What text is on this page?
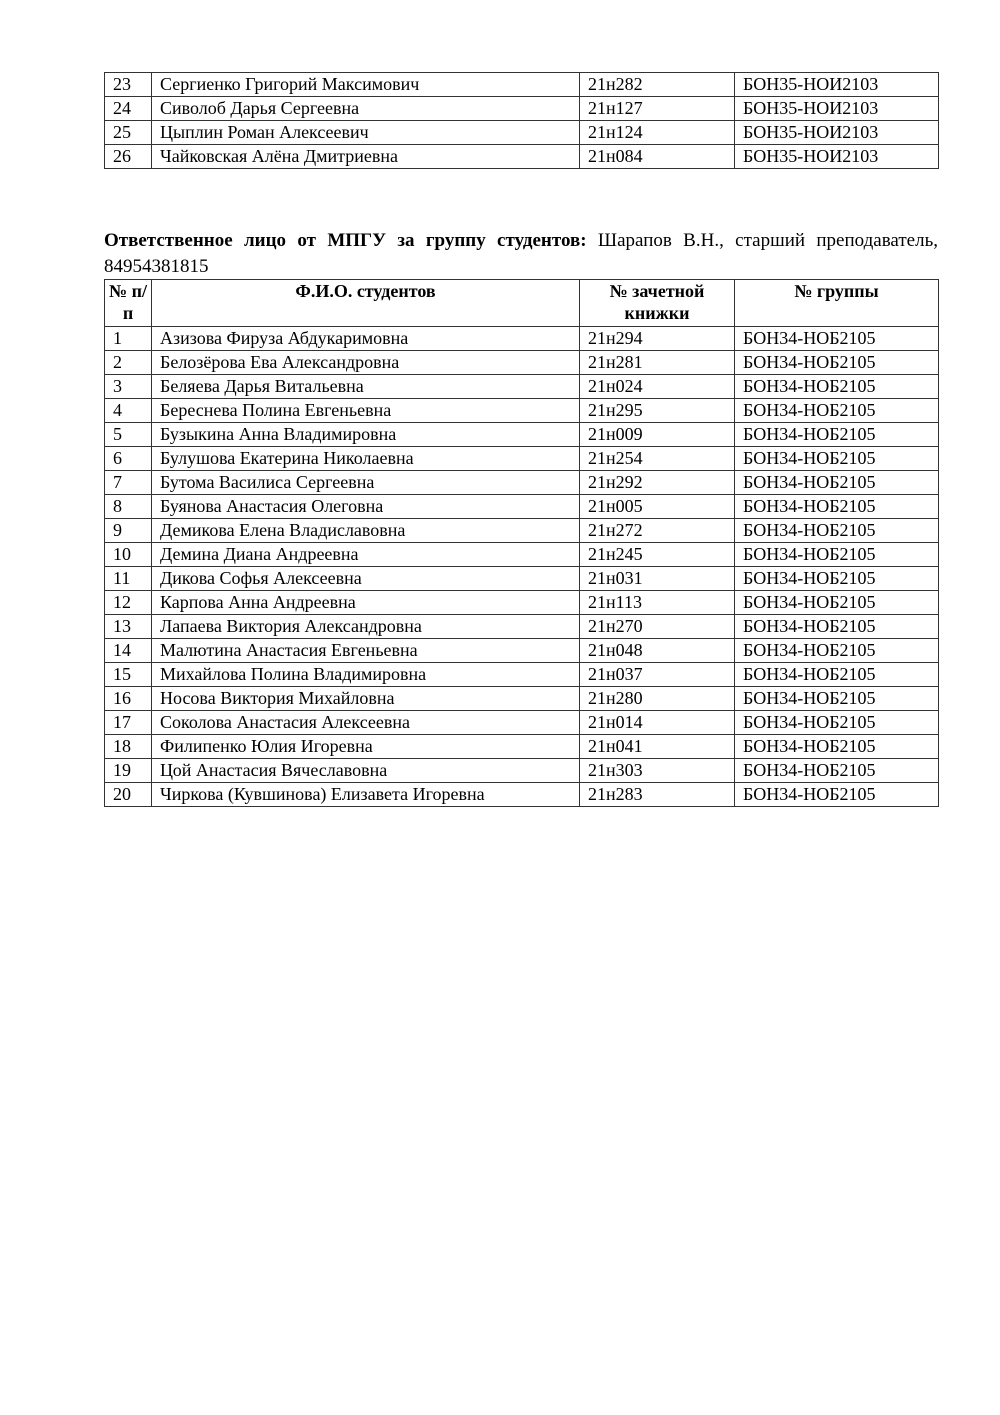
23	Сергиенко Григорий Максимович	21н282	БОН35-НОИ2103
24	Сиволоб Дарья Сергеевна	21н127	БОН35-НОИ2103
25	Цыплин Роман Алексеевич	21н124	БОН35-НОИ2103
26	Чайковская Алёна Дмитриевна	21н084	БОН35-НОИ2103
Ответственное лицо от МПГУ за группу студентов: Шарапов В.Н., старший преподаватель, 84954381815
№ п/п	Ф.И.О. студентов	№ зачетной книжки	№ группы
1	Азизова Фируза Абдукаримовна	21н294	БОН34-НОБ2105
2	Белозёрова Ева Александровна	21н281	БОН34-НОБ2105
3	Беляева Дарья Витальевна	21н024	БОН34-НОБ2105
4	Береснева Полина Евгеньевна	21н295	БОН34-НОБ2105
5	Бузыкина Анна Владимировна	21н009	БОН34-НОБ2105
6	Булушова Екатерина Николаевна	21н254	БОН34-НОБ2105
7	Бутома Василиса Сергеевна	21н292	БОН34-НОБ2105
8	Буянова Анастасия Олеговна	21н005	БОН34-НОБ2105
9	Демикова Елена Владиславовна	21н272	БОН34-НОБ2105
10	Демина Диана Андреевна	21н245	БОН34-НОБ2105
11	Дикова Софья Алексеевна	21н031	БОН34-НОБ2105
12	Карпова Анна Андреевна	21н113	БОН34-НОБ2105
13	Лапаева Виктория Александровна	21н270	БОН34-НОБ2105
14	Малютина Анастасия Евгеньевна	21н048	БОН34-НОБ2105
15	Михайлова Полина Владимировна	21н037	БОН34-НОБ2105
16	Носова Виктория Михайловна	21н280	БОН34-НОБ2105
17	Соколова Анастасия Алексеевна	21н014	БОН34-НОБ2105
18	Филипенко Юлия Игоревна	21н041	БОН34-НОБ2105
19	Цой Анастасия Вячеславовна	21н303	БОН34-НОБ2105
20	Чиркова (Кувшинова) Елизавета Игоревна	21н283	БОН34-НОБ2105
